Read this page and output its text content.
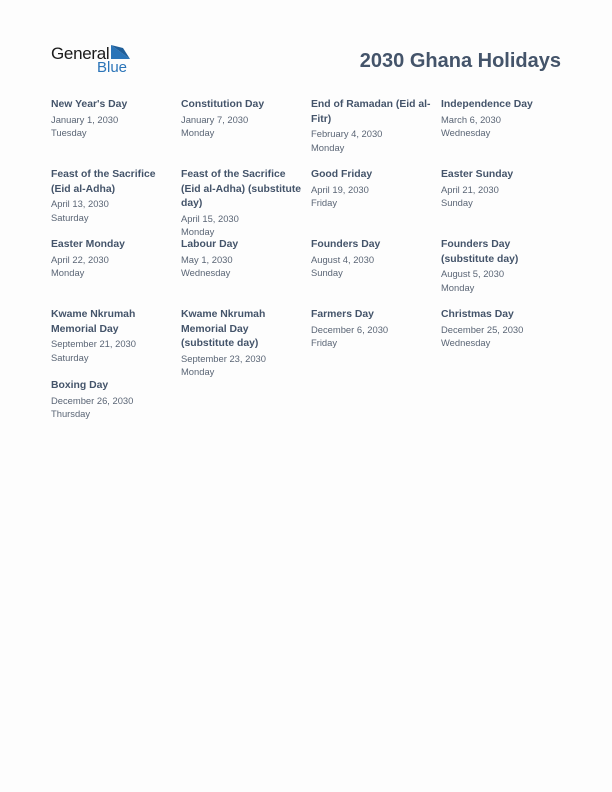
General
Blue	2030 Ghana Holidays
New Year's Day
January 1, 2030
Tuesday
Constitution Day
January 7, 2030
Monday
End of Ramadan (Eid al-Fitr)
February 4, 2030
Monday
Independence Day
March 6, 2030
Wednesday
Feast of the Sacrifice (Eid al-Adha)
April 13, 2030
Saturday
Feast of the Sacrifice (Eid al-Adha) (substitute day)
April 15, 2030
Monday
Good Friday
April 19, 2030
Friday
Easter Sunday
April 21, 2030
Sunday
Easter Monday
April 22, 2030
Monday
Labour Day
May 1, 2030
Wednesday
Founders Day
August 4, 2030
Sunday
Founders Day (substitute day)
August 5, 2030
Monday
Kwame Nkrumah Memorial Day
September 21, 2030
Saturday
Kwame Nkrumah Memorial Day (substitute day)
September 23, 2030
Monday
Farmers Day
December 6, 2030
Friday
Christmas Day
December 25, 2030
Wednesday
Boxing Day
December 26, 2030
Thursday
